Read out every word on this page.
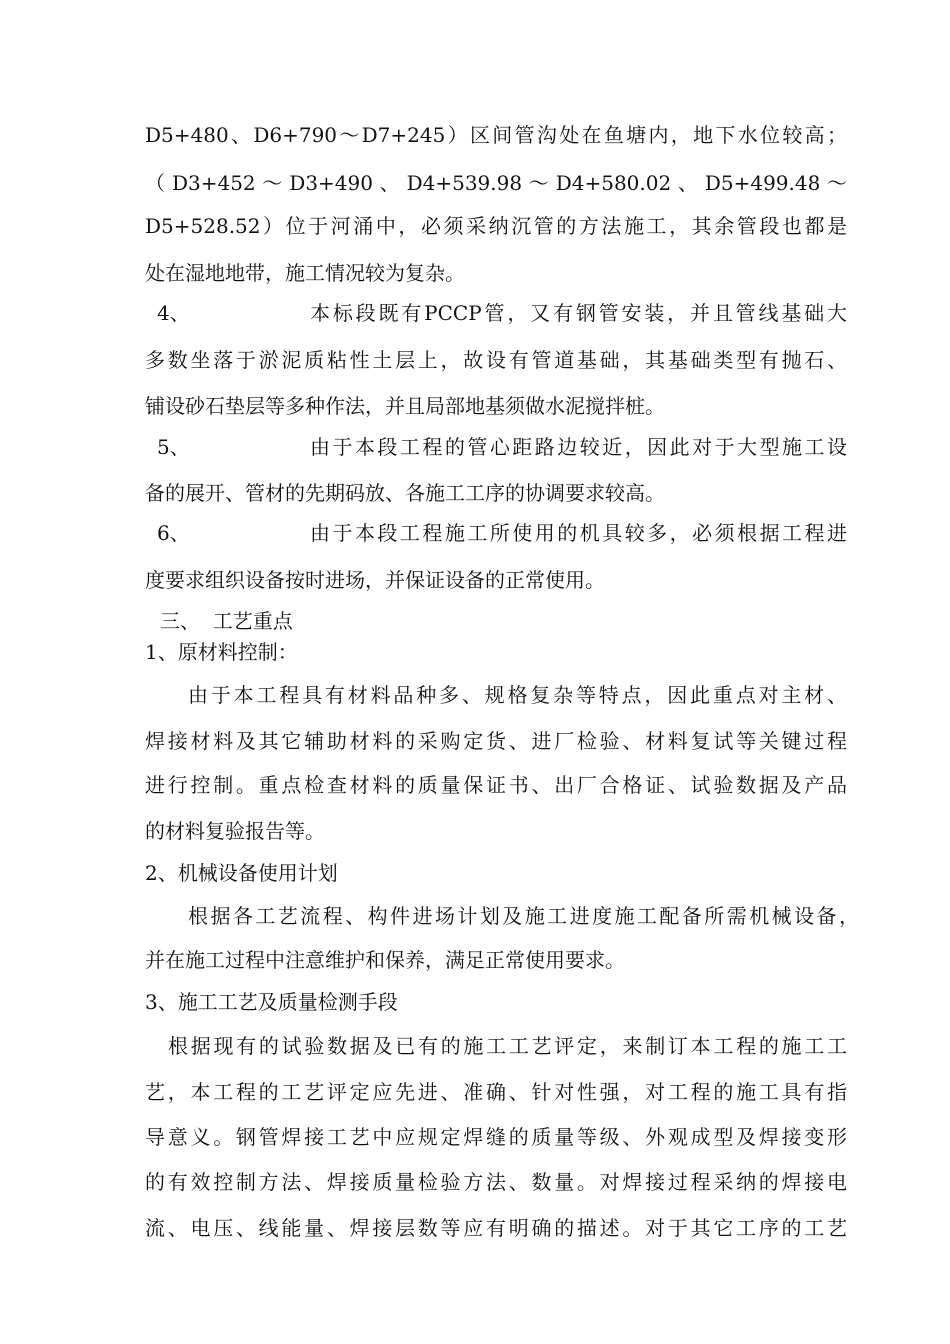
D5+480、D6+790～D7+245）区间管沟处在鱼塘内，地下水位较高；
（ D3+452 ～ D3+490 、 D4+539.98 ～ D4+580.02 、 D5+499.48 ～
D5+528.52）位于河涌中，必须采纳沉管的方法施工，其余管段也都是
处在湿地地带，施工情况较为复杂。
4、	本标段既有PCCP管，又有钢管安装，并且管线基础大
多数坐落于淤泥质粘性土层上，故设有管道基础，其基础类型有抛石、
铺设砂石垫层等多种作法，并且局部地基须做水泥搅拌桩。
5、	由于本段工程的管心距路边较近，因此对于大型施工设
备的展开、管材的先期码放、各施工工序的协调要求较高。
6、	由于本段工程施工所使用的机具较多，必须根据工程进
度要求组织设备按时进场，并保证设备的正常使用。
三、  工艺重点
1、原材料控制：
由于本工程具有材料品种多、规格复杂等特点，因此重点对主材、
焊接材料及其它辅助材料的采购定货、进厂检验、材料复试等关键过程
进行控制。重点检查材料的质量保证书、出厂合格证、试验数据及产品
的材料复验报告等。
2、机械设备使用计划
根据各工艺流程、构件进场计划及施工进度施工配备所需机械设备，
并在施工过程中注意维护和保养，满足正常使用要求。
3、施工工艺及质量检测手段
根据现有的试验数据及已有的施工工艺评定，来制订本工程的施工工
艺，本工程的工艺评定应先进、准确、针对性强，对工程的施工具有指
导意义。钢管焊接工艺中应规定焊缝的质量等级、外观成型及焊接变形
的有效控制方法、焊接质量检验方法、数量。对焊接过程采纳的焊接电
流、电压、线能量、焊接层数等应有明确的描述。对于其它工序的工艺
